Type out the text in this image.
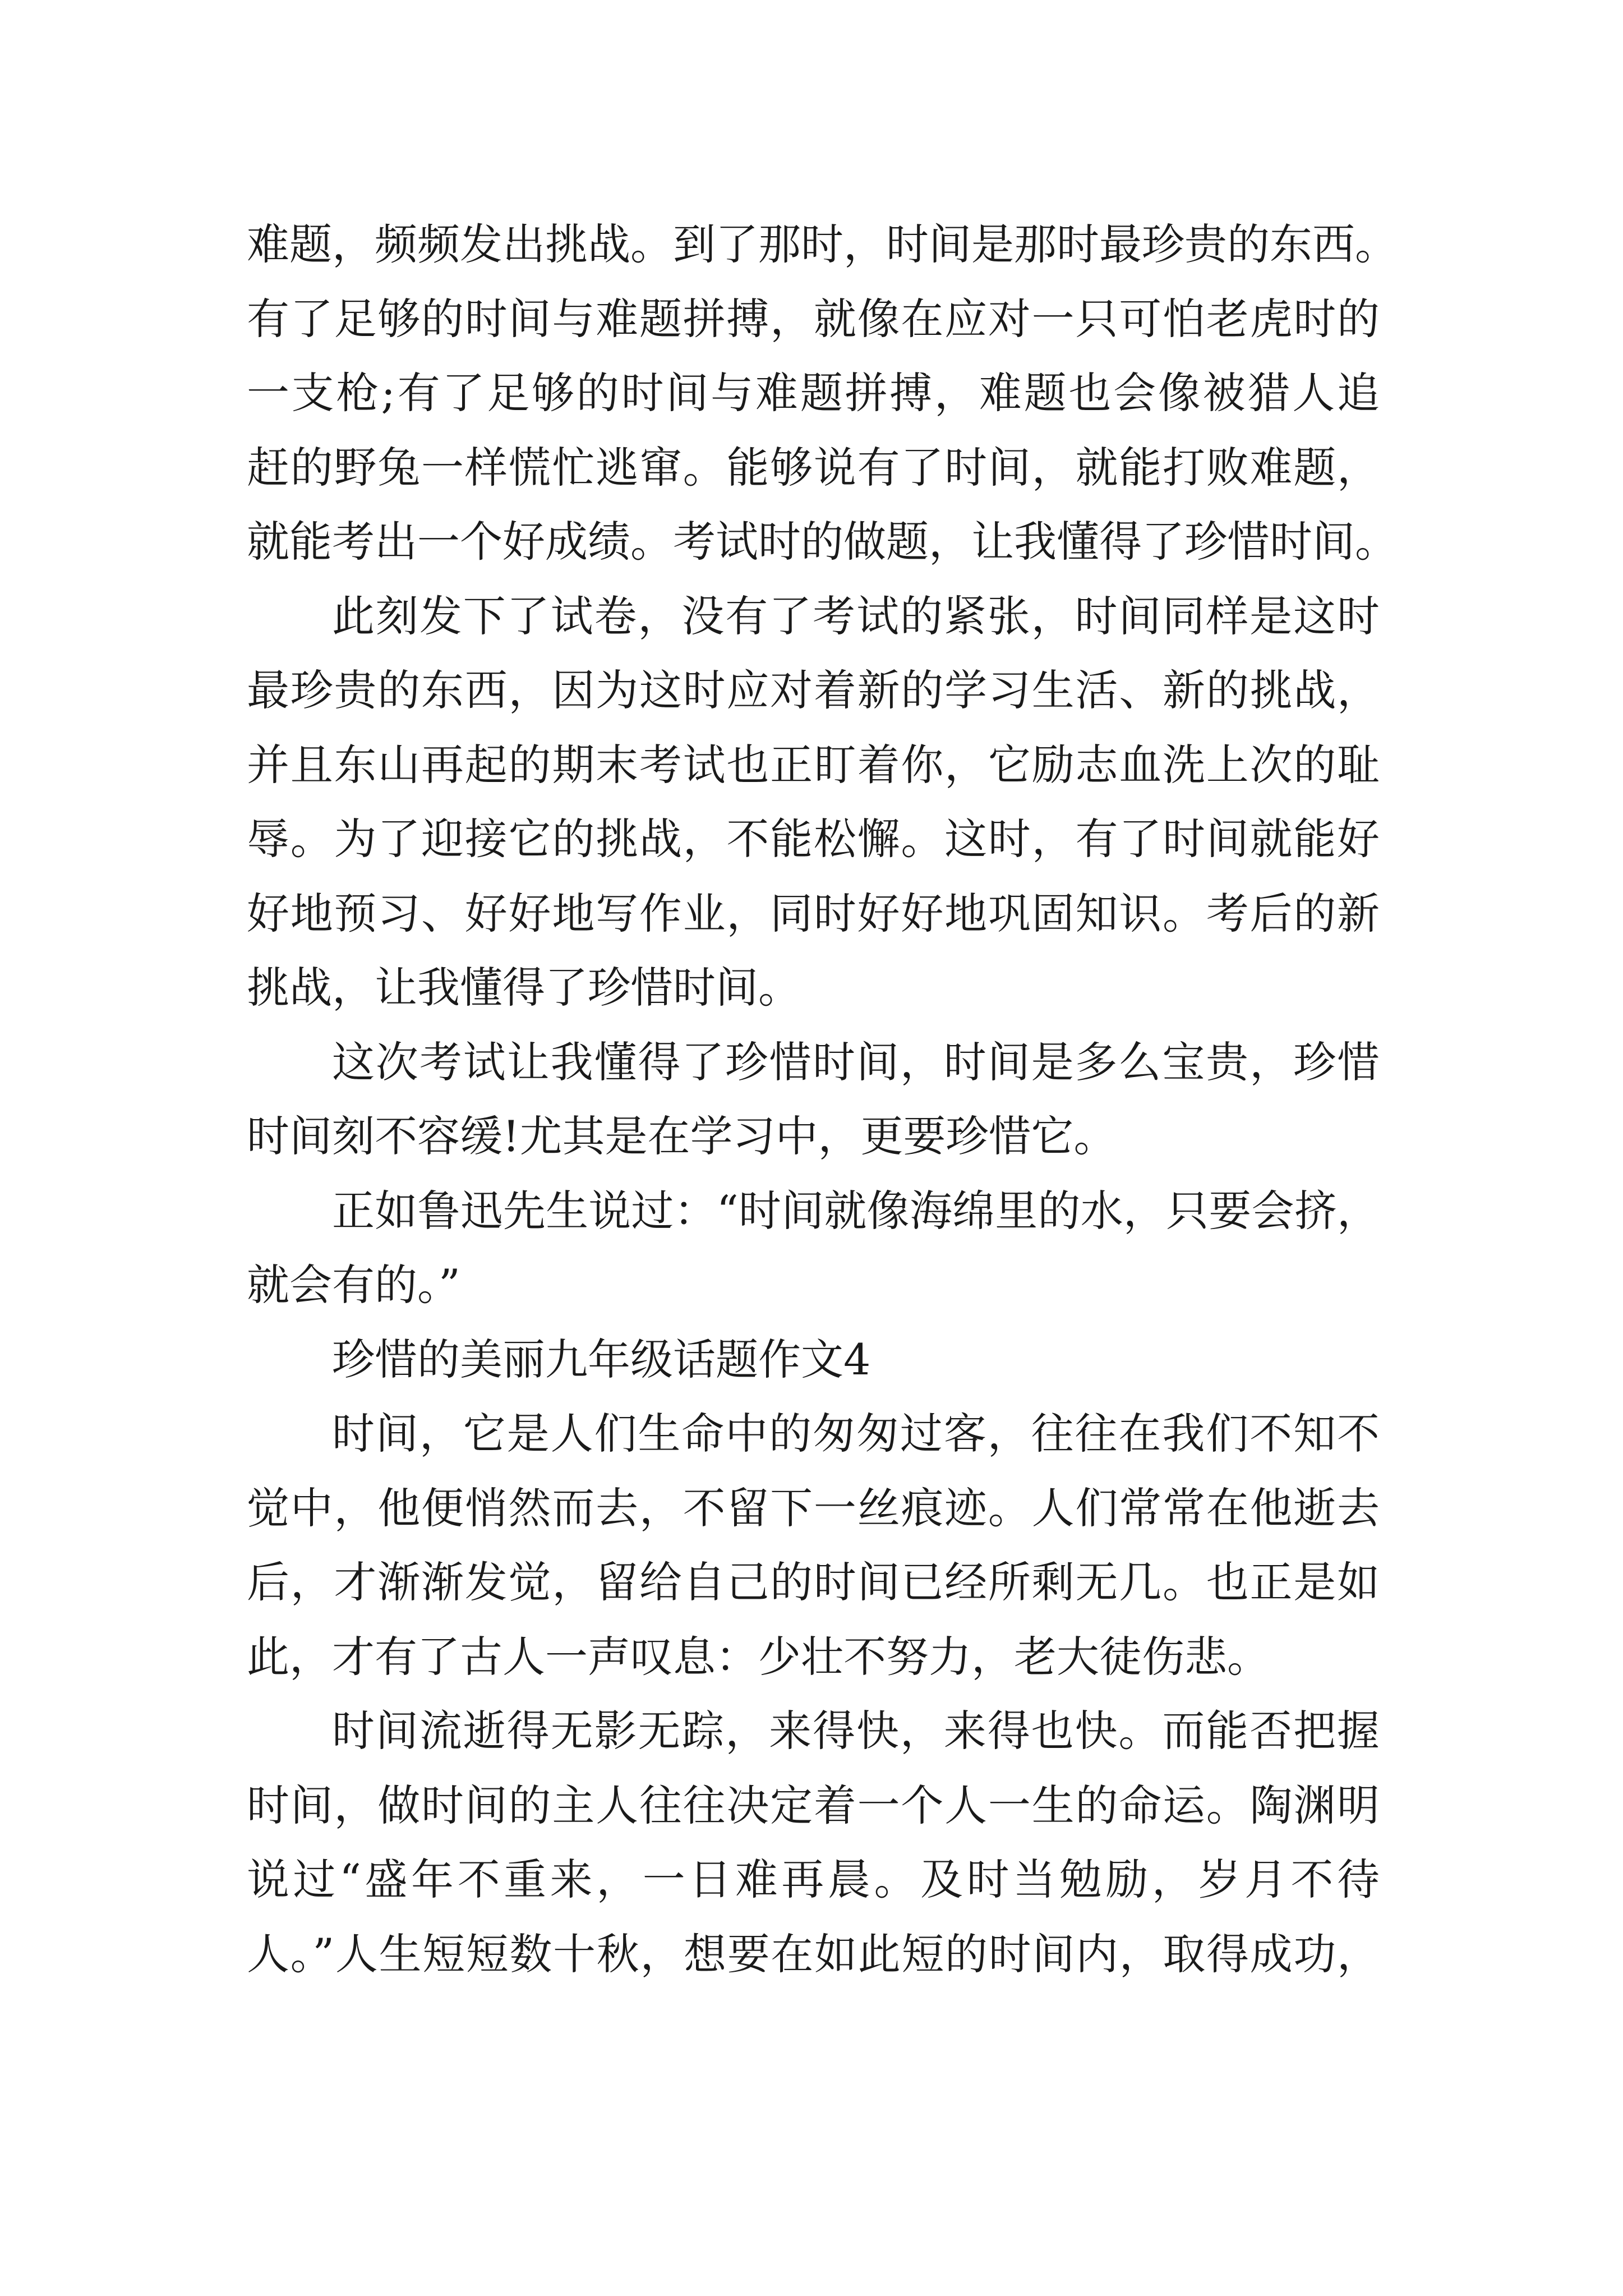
难题，频频发出挑战。到了那时，时间是那时最珍贵的东西。
有了足够的时间与难题拼搏，就像在应对一只可怕老虎时的
一支枪;有了足够的时间与难题拼搏，难题也会像被猎人追
赶的野兔一样慌忙逃窜。能够说有了时间，就能打败难题，
就能考出一个好成绩。考试时的做题，让我懂得了珍惜时间。
此刻发下了试卷，没有了考试的紧张，时间同样是这时
最珍贵的东西，因为这时应对着新的学习生活、新的挑战，
并且东山再起的期末考试也正盯着你，它励志血洗上次的耻
辱。为了迎接它的挑战，不能松懈。这时，有了时间就能好
好地预习、好好地写作业，同时好好地巩固知识。考后的新
挑战，让我懂得了珍惜时间。
这次考试让我懂得了珍惜时间，时间是多么宝贵，珍惜
时间刻不容缓!尤其是在学习中，更要珍惜它。
正如鲁迅先生说过：“时间就像海绵里的水，只要会挤，
就会有的。”
珍惜的美丽九年级话题作文4
时间，它是人们生命中的匆匆过客，往往在我们不知不
觉中，他便悄然而去，不留下一丝痕迹。人们常常在他逝去
后，才渐渐发觉，留给自己的时间已经所剩无几。也正是如
此，才有了古人一声叹息：少壮不努力，老大徒伤悲。
时间流逝得无影无踪，来得快，来得也快。而能否把握
时间，做时间的主人往往决定着一个人一生的命运。陶渊明
说过“盛年不重来，一日难再晨。及时当勉励，岁月不待
人。”人生短短数十秋，想要在如此短的时间内，取得成功，
